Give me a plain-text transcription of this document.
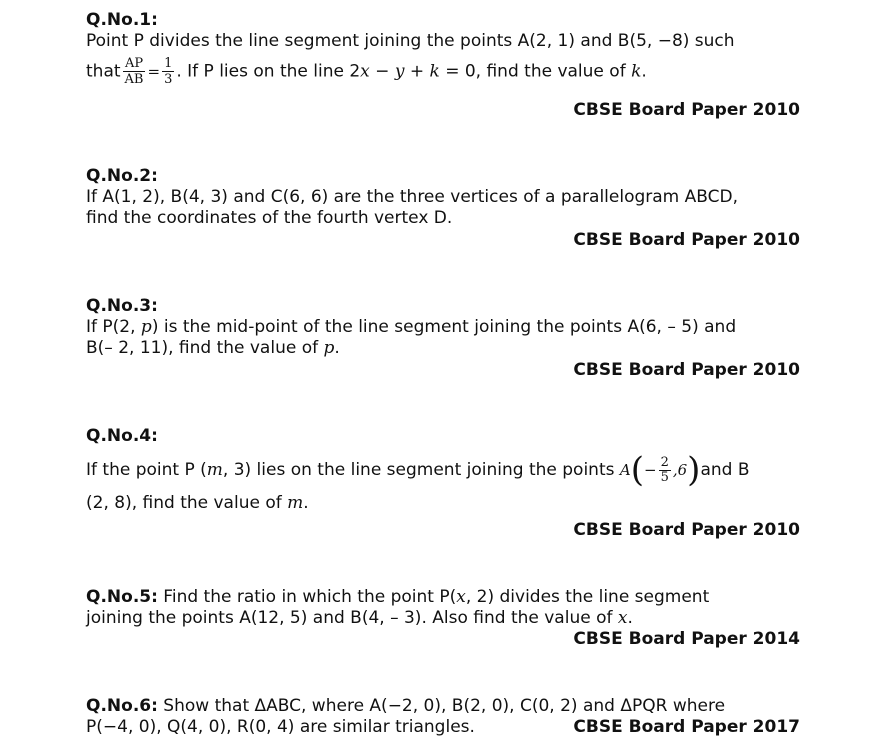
Q.No.1:
Point P divides the line segment joining the points A(2, 1) and B(5, −8) such
that $\frac{AP}{AB} = \frac{1}{3}$ . If P lies on the line 2x − y + k = 0, find the value of k.
CBSE Board Paper 2010
Q.No.2:
If A(1, 2), B(4, 3) and C(6, 6) are the three vertices of a parallelogram ABCD,
find the coordinates of the fourth vertex D.
CBSE Board Paper 2010
Q.No.3:
If P(2, p) is the mid-point of the line segment joining the points A(6, – 5) and
B(– 2, 11), find the value of p.
CBSE Board Paper 2010
Q.No.4:
If the point P (m, 3) lies on the line segment joining the points $A(- \frac{2}{5} ,6)and$ B
(2, 8), find the value of m.
CBSE Board Paper 2010
Q.No.5: Find the ratio in which the point P(x, 2) divides the line segment
joining the points A(12, 5) and B(4, – 3). Also find the value of x.
CBSE Board Paper 2014
Q.No.6: Show that ΔABC, where A(−2, 0), B(2, 0), C(0, 2) and ΔPQR where
P(−4, 0), Q(4, 0), R(0, 4) are similar triangles.	CBSE Board Paper 2017
